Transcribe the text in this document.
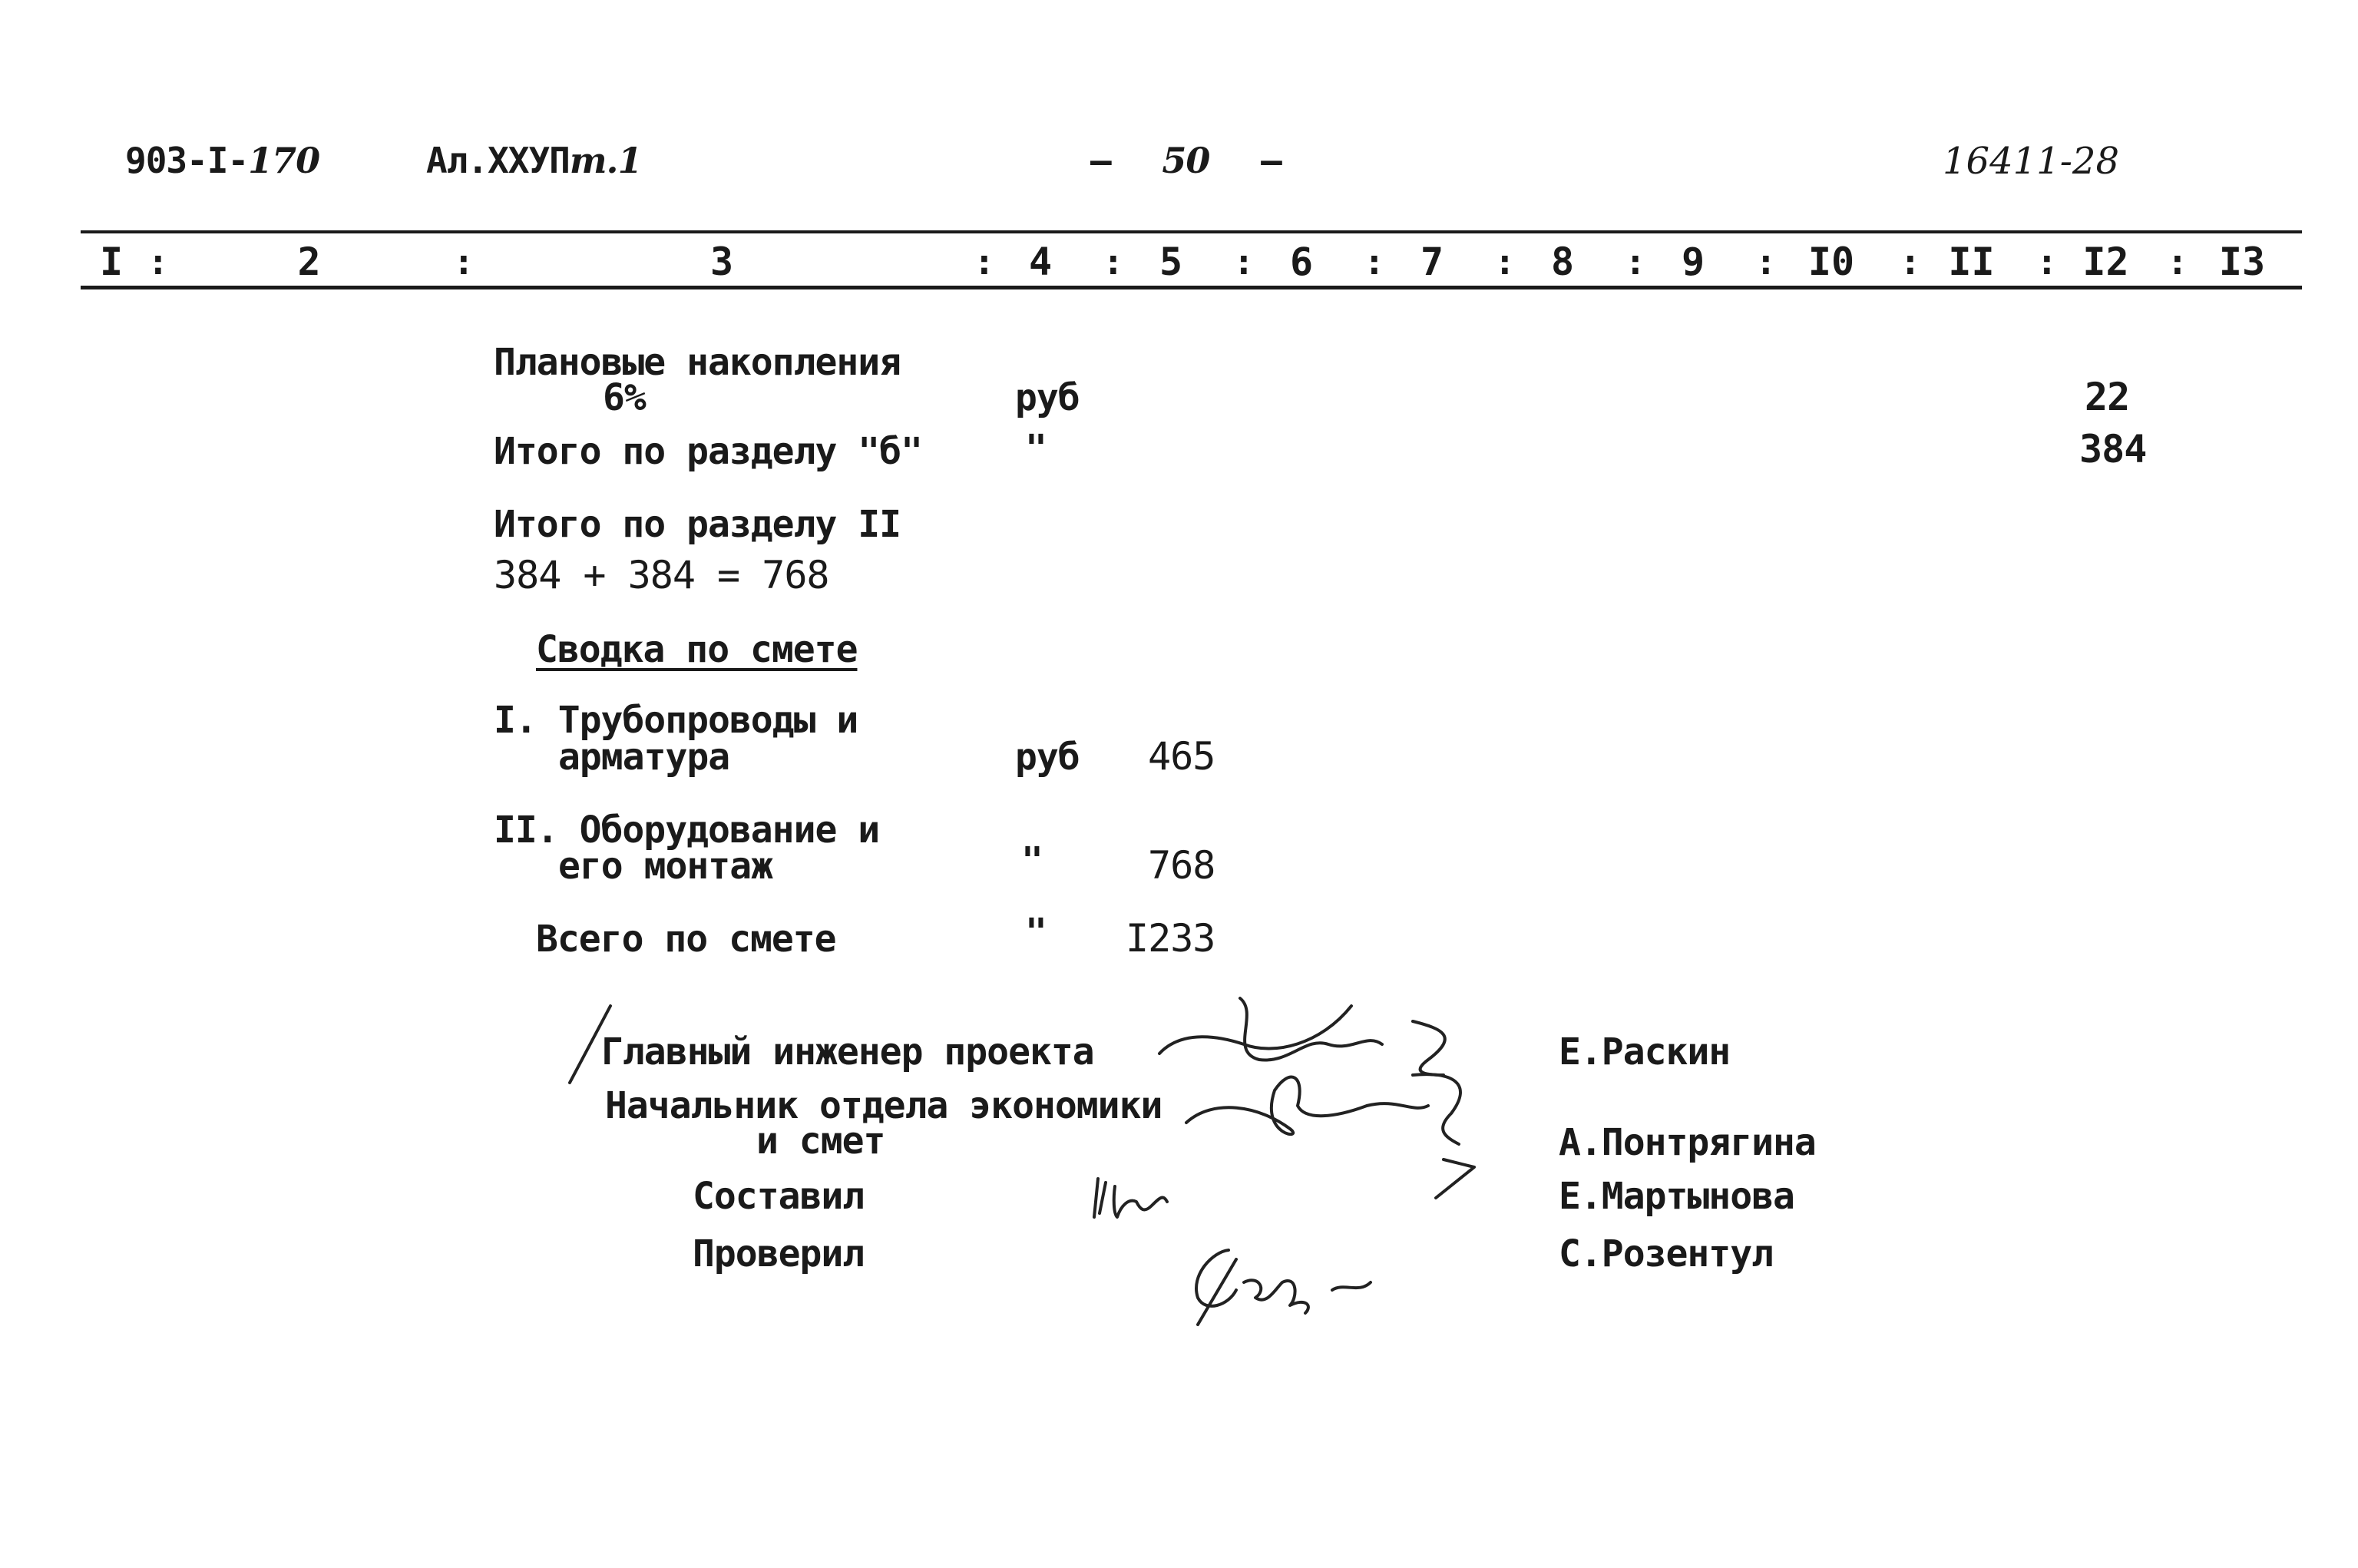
903-I-170	Ал.ХХУПт.1	– 50 –	16411-28
I :	2	:	3	: 4	: 5	: 6	: 7	: 8	: 9	: I0	: II	: I2	: I3
Плановые накопления
6%	руб	22
Итого по разделу "б"	"	384
Итого по разделу II
384 + 384 = 768
Сводка по смете
I. Трубопроводы и
арматура	руб 465
II. Оборудование и
его монтаж	"	768
Всего по смете	" I233
Главный инженер проекта	Е.Раскин
Начальник отдела экономики
и смет	А.Понтрягина
Составил	Е.Мартынова
Проверил	С.Розентул
